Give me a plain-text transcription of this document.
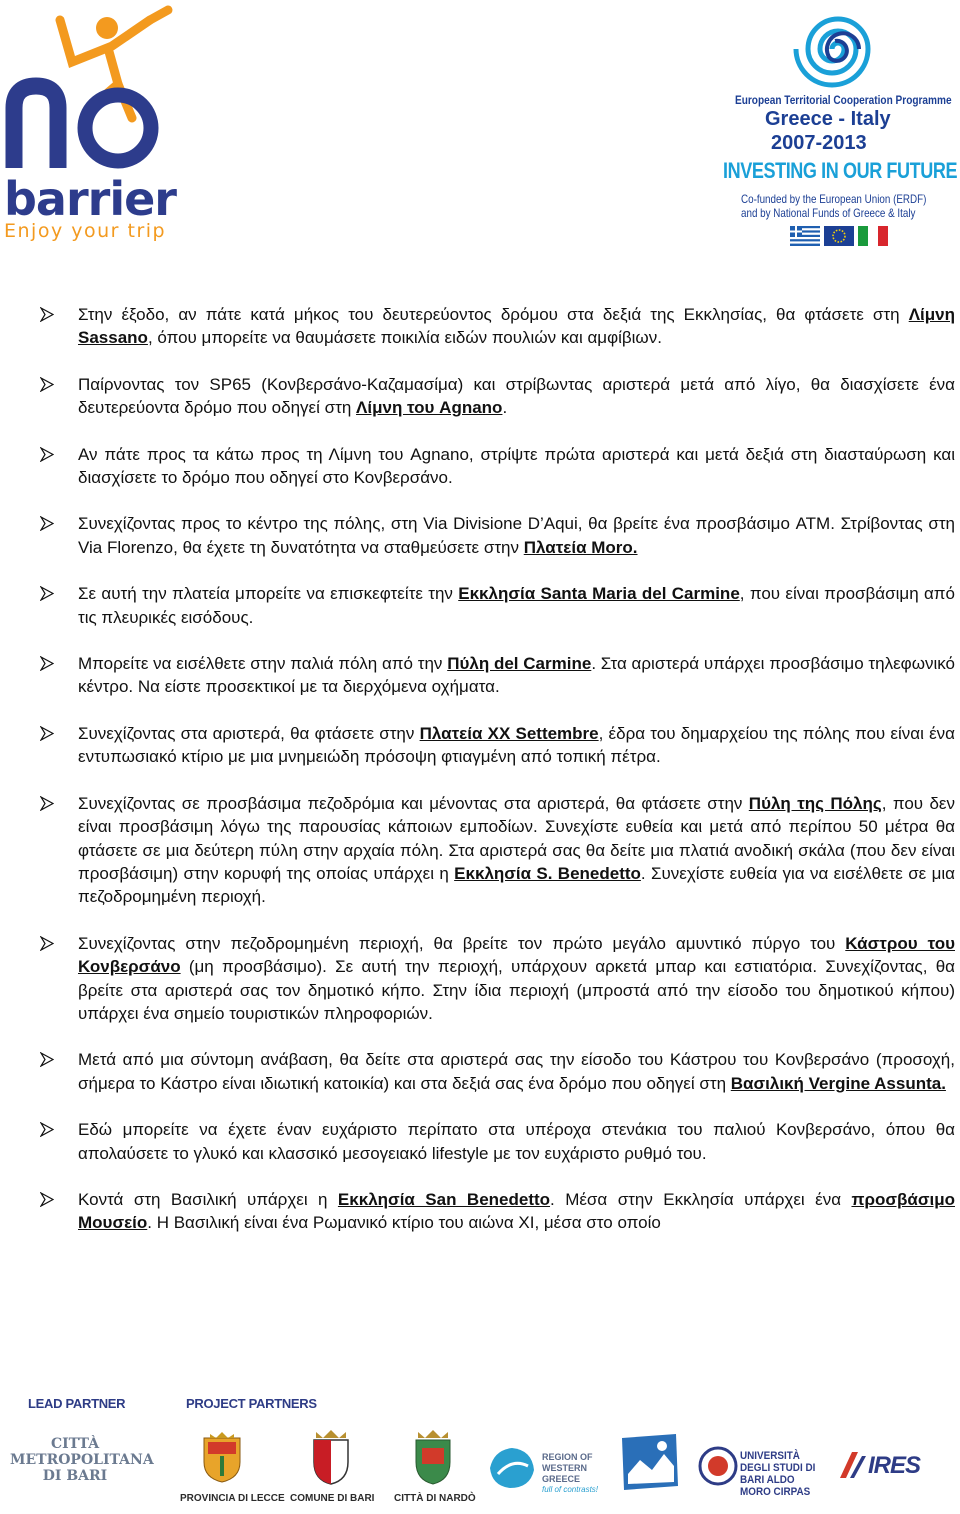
barrier
Enjoy your trip
European Territorial Cooperation Programme
Greece - Italy
2007-2013
INVESTING IN OUR FUTURE
Co-funded by the European Union (ERDF)
and by National Funds of Greece & Italy
Στην έξοδο, αν πάτε κατά μήκος του δευτερεύοντος δρόμου στα δεξιά της Εκκλησίας, θα φτάσετε στη Λίμνη Sassano, όπου μπορείτε να θαυμάσετε ποικιλία ειδών πουλιών και αμφίβιων.
Παίρνοντας τον SP65 (Κονβερσάνο-Καζαμασίμα) και στρίβωντας αριστερά μετά από λίγο, θα διασχίσετε ένα δευτερεύοντα δρόμο που οδηγεί στη Λίμνη του Agnano.
Αν πάτε προς τα κάτω προς τη Λίμνη του Agnano, στρίψτε πρώτα αριστερά και μετά δεξιά στη διασταύρωση και διασχίσετε το δρόμο που οδηγεί στο Κονβερσάνο.
Συνεχίζοντας προς το κέντρο της πόλης, στη Via Divisione D’Aqui, θα βρείτε ένα προσβάσιμο ATM. Στρίβοντας στη Via Florenzo, θα έχετε τη δυνατότητα να σταθμεύσετε στην Πλατεία Moro.
Σε αυτή την πλατεία μπορείτε να επισκεφτείτε την Εκκλησία Santa Maria del Carmine, που είναι προσβάσιμη από τις πλευρικές εισόδους.
Μπορείτε να εισέλθετε στην παλιά πόλη από την Πύλη del Carmine. Στα αριστερά υπάρχει προσβάσιμο τηλεφωνικό κέντρο. Να είστε προσεκτικοί με τα διερχόμενα οχήματα.
Συνεχίζοντας στα αριστερά, θα φτάσετε στην Πλατεία XX Settembre, έδρα του δημαρχείου της πόλης που είναι ένα εντυπωσιακό κτίριο με μια μνημειώδη πρόσοψη φτιαγμένη από τοπική πέτρα.
Συνεχίζοντας σε προσβάσιμα πεζοδρόμια και μένοντας στα αριστερά, θα φτάσετε στην Πύλη της Πόλης, που δεν είναι προσβάσιμη λόγω της παρουσίας κάποιων εμποδίων. Συνεχίστε ευθεία και μετά από περίπου 50 μέτρα θα φτάσετε σε μια δεύτερη πύλη στην αρχαία πόλη. Στα αριστερά σας θα δείτε μια πλατιά ανοδική σκάλα (που δεν είναι προσβάσιμη) στην κορυφή της οποίας υπάρχει η Εκκλησία S. Benedetto. Συνεχίστε ευθεία για να εισέλθετε σε μια πεζοδρομημένη περιοχή.
Συνεχίζοντας στην πεζοδρομημένη περιοχή, θα βρείτε τον πρώτο μεγάλο αμυντικό πύργο του Κάστρου του Κονβερσάνο (μη προσβάσιμο). Σε αυτή την περιοχή, υπάρχουν αρκετά μπαρ και εστιατόρια. Συνεχίζοντας, θα βρείτε στα αριστερά σας τον δημοτικό κήπο. Στην ίδια περιοχή (μπροστά από την είσοδο του δημοτικού κήπου) υπάρχει ένα σημείο τουριστικών πληροφοριών.
Μετά από μια σύντομη ανάβαση, θα δείτε στα αριστερά σας την είσοδο του Κάστρου του Κονβερσάνο (προσοχή, σήμερα το Κάστρο είναι ιδιωτική κατοικία) και στα δεξιά σας ένα δρόμο που οδηγεί στη Βασιλική Vergine Assunta.
Εδώ μπορείτε να έχετε έναν ευχάριστο περίπατο στα υπέροχα στενάκια του παλιού Κονβερσάνο, όπου θα απολαύσετε το γλυκό και κλασσικό μεσογειακό lifestyle με τον ευχάριστο ρυθμό του.
Κοντά στη Βασιλική υπάρχει η Εκκλησία San Benedetto. Μέσα στην Εκκλησία υπάρχει ένα προσβάσιμο Μουσείο. Η Βασιλική είναι ένα Ρωμανικό κτίριο του αιώνα XI, μέσα στο οποίο
LEAD PARTNER	PROJECT PARTNERS
CITTÀ METROPOLITANA DI BARI
PROVINCIA DI LECCE COMUNE DI BARI CITTÀ DI NARDÒ
REGION OF WESTERN GREECE
full of contrasts!
UNIVERSITÀ DEGLI STUDI DI BARI ALDO MORO CIRPAS
IRES
